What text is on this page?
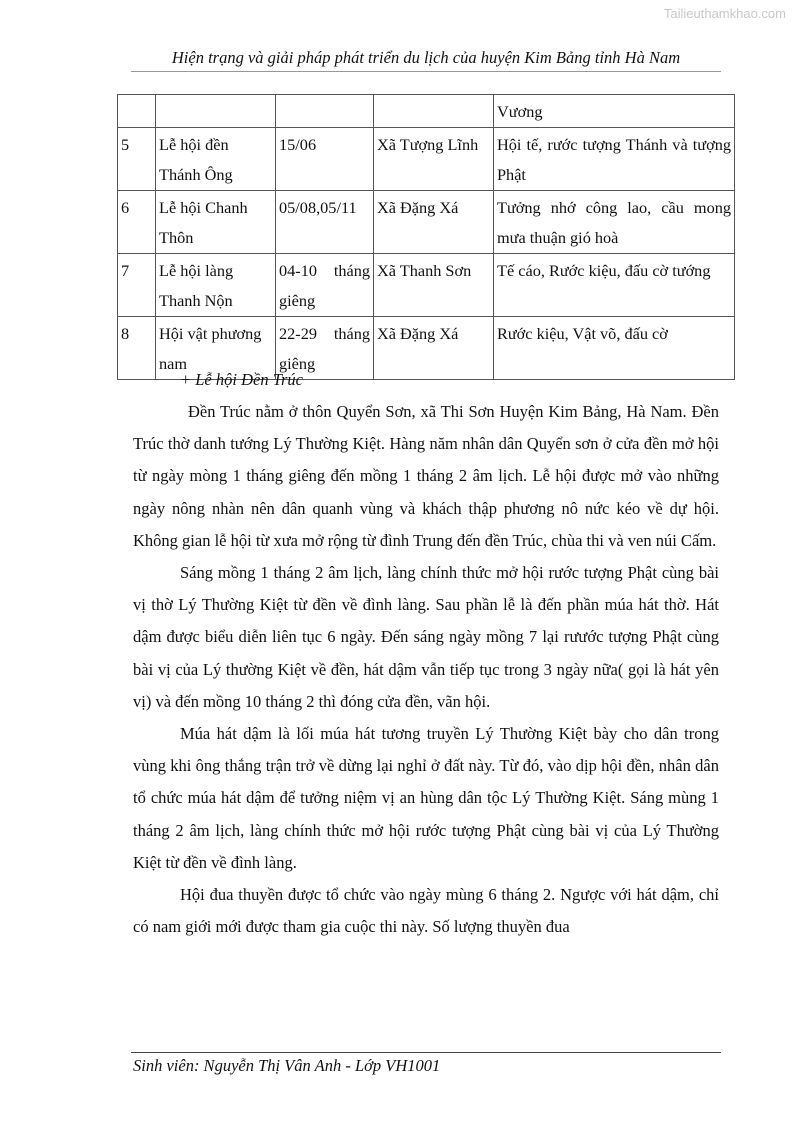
Tailieuthamkhao.com
Hiện trạng và giải pháp phát triển du lịch của huyện Kim Bảng tỉnh Hà Nam
				Vương
5	Lễ hội đền Thánh Ông	15/06	Xã Tượng Lĩnh	Hội tế, rước tượng Thánh và tượng Phật
6	Lễ hội Chanh Thôn	05/08,05/11	Xã Đặng Xá	Tưởng nhớ công lao, cầu mong mưa thuận gió hoà
7	Lễ hội làng Thanh Nộn	04-10 tháng giêng	Xã Thanh Sơn	Tế cáo, Rước kiệu, đấu cờ tướng
8	Hội vật phương nam	22-29 tháng giêng	Xã Đặng Xá	Rước kiệu, Vật võ, đấu cờ
+ Lễ hội Đền Trúc

Đền Trúc nằm ở thôn Quyển Sơn, xã Thi Sơn Huyện Kim Bảng, Hà Nam. Đền Trúc thờ danh tướng Lý Thường Kiệt. Hàng năm nhân dân Quyển sơn ở cửa đền mở hội từ ngày mòng 1 tháng giêng đến mồng 1 tháng 2 âm lịch. Lễ hội được mở vào những ngày nông nhàn nên dân quanh vùng và khách thập phương nô nức kéo về dự hội. Không gian lễ hội từ xưa mở rộng từ đình Trung đến đền Trúc, chùa thi và ven núi Cấm.

Sáng mồng 1 tháng 2 âm lịch, làng chính thức mở hội rước tượng Phật cùng bài vị thờ Lý Thường Kiệt từ đền về đình làng. Sau phần lễ là đến phần múa hát thờ. Hát dậm được biểu diễn liên tục 6 ngày. Đến sáng ngày mồng 7 lại rưước tượng Phật cùng bài vị của Lý thường Kiệt về đền, hát dậm vẫn tiếp tục trong 3 ngày nữa( gọi là hát yên vị) và đến mồng 10 tháng 2 thì đóng cửa đền, vãn hội.

Múa hát dậm là lối múa hát tương truyền Lý Thường Kiệt bày cho dân trong vùng khi ông thắng trận trở về dừng lại nghỉ ở đất này. Từ đó, vào dịp hội đền, nhân dân tổ chức múa hát dậm để tưởng niệm vị an hùng dân tộc Lý Thường Kiệt. Sáng mùng 1 tháng 2 âm lịch, làng chính thức mở hội rước tượng Phật cùng bài vị của Lý Thường Kiệt từ đền về đình làng.

Hội đua thuyền được tổ chức vào ngày mùng 6 tháng 2. Ngược với hát dậm, chỉ có nam giới mới được tham gia cuộc thi này. Số lượng thuyền đua

Sinh viên: Nguyễn Thị Vân Anh - Lớp VH1001
